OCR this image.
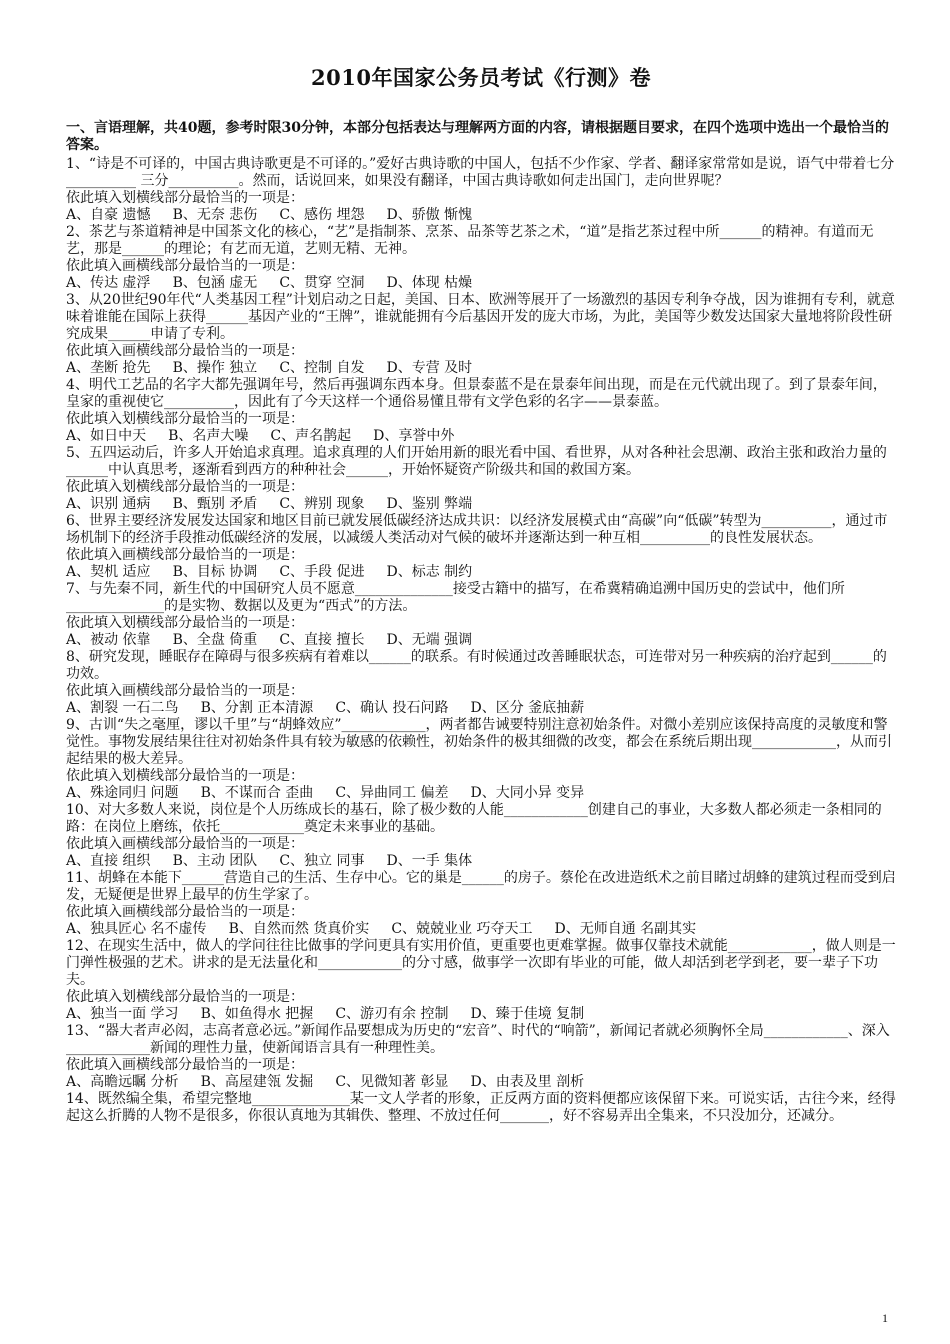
2010年国家公务员考试《行测》卷

一、言语理解，共40题，参考时限30分钟，本部分包括表达与理解两方面的内容，请根据题目要求，在四个选项中选出一个最恰当的答案。

1、“诗是不可译的，中国古典诗歌更是不可译的。”爱好古典诗歌的中国人，包括不少作家、学者、翻译家常常如是说，语气中带着七分__________ 三分__________。然而，话说回来，如果没有翻译，中国古典诗歌如何走出国门，走向世界呢？

依此填入划横线部分最恰当的一项是：

A、自豪 遗憾 B、无奈 悲伤 C、感伤 埋怨 D、骄傲 惭愧

2、茶艺与茶道精神是中国茶文化的核心，“艺”是指制茶、烹茶、品茶等艺茶之术，“道”是指艺茶过程中所______的精神。有道而无艺，那是______的理论；有艺而无道，艺则无精、无神。

依此填入画横线部分最恰当的一项是：

A、传达 虚浮 B、包涵 虚无 C、贯穿 空洞 D、体现 枯燥

3、从20世纪90年代“人类基因工程”计划启动之日起，美国、日本、欧洲等展开了一场激烈的基因专利争夺战，因为谁拥有专利，就意味着谁能在国际上获得______基因产业的“王牌”，谁就能拥有今后基因开发的庞大市场，为此，美国等少数发达国家大量地将阶段性研究成果______申请了专利。

依此填入画横线部分最恰当的一项是：

A、垄断 抢先 B、操作 独立 C、控制 自发 D、专营 及时

4、明代工艺品的名字大都先强调年号，然后再强调东西本身。但景泰蓝不是在景泰年间出现，而是在元代就出现了。到了景泰年间，皇家的重视使它__________，因此有了今天这样一个通俗易懂且带有文学色彩的名字——景泰蓝。

依此填入划横线部分最恰当的一项是：

A、如日中天 B、名声大噪 C、声名鹊起 D、享誉中外

5、五四运动后，许多人开始追求真理。追求真理的人们开始用新的眼光看中国、看世界，从对各种社会思潮、政治主张和政治力量的______中认真思考，逐渐看到西方的种种社会______，开始怀疑资产阶级共和国的救国方案。

依此填入划横线部分最恰当的一项是：

A、识别 通病 B、甄别 矛盾 C、辨别 现象 D、鉴别 弊端

6、世界主要经济发展发达国家和地区目前已就发展低碳经济达成共识：以经济发展模式由“高碳”向“低碳”转型为__________，通过市场机制下的经济手段推动低碳经济的发展，以减缓人类活动对气候的破坏并逐渐达到一种互相__________的良性发展状态。

依此填入画横线部分最恰当的一项是：

A、契机 适应 B、目标 协调 C、手段 促进 D、标志 制约

7、与先秦不同，新生代的中国研究人员不愿意______________接受古籍中的描写，在希冀精确追溯中国历史的尝试中，他们所______________的是实物、数据以及更为“西式”的方法。

依此填入划横线部分最恰当的一项是：

A、被动 依靠 B、全盘 倚重 C、直接 擅长 D、无端 强调

8、研究发现，睡眠存在障碍与很多疾病有着难以______的联系。有时候通过改善睡眠状态，可连带对另一种疾病的治疗起到______的功效。

依此填入画横线部分最恰当的一项是：

A、割裂 一石二鸟 B、分割 正本清源 C、确认 投石问路 D、区分 釜底抽薪

9、古训“失之毫厘，谬以千里”与“胡蜂效应”____________，两者都告诫要特别注意初始条件。对微小差别应该保持高度的灵敏度和警觉性。事物发展结果往往对初始条件具有较为敏感的依赖性，初始条件的极其细微的改变，都会在系统后期出现____________，从而引起结果的极大差异。

依此填入划横线部分最恰当的一项是：

A、殊途同归 问题 B、不谋而合 歪曲 C、异曲同工 偏差 D、大同小异 变异

10、对大多数人来说，岗位是个人历练成长的基石，除了极少数的人能____________创建自己的事业，大多数人都必须走一条相同的路：在岗位上磨练，依托____________奠定未来事业的基础。

依此填入画横线部分最恰当的一项是：

A、直接 组织 B、主动 团队 C、独立 同事 D、一手 集体

11、胡蜂在本能下______营造自己的生活、生存中心。它的巢是______的房子。蔡伦在改进造纸术之前目睹过胡蜂的建筑过程而受到启发，无疑便是世界上最早的仿生学家了。

依此填入画横线部分最恰当的一项是：

A、独具匠心 名不虚传 B、自然而然 货真价实 C、兢兢业业 巧夺天工 D、无师自通 名副其实

12、在现实生活中，做人的学问往往比做事的学问更具有实用价值，更重要也更难掌握。做事仅靠技术就能____________，做人则是一门弹性极强的艺术。讲求的是无法量化和____________的分寸感，做事学一次即有毕业的可能，做人却活到老学到老，要一辈子下功夫。

依此填入划横线部分最恰当的一项是：

A、独当一面 学习 B、如鱼得水 把握 C、游刃有余 控制 D、臻于佳境 复制

13、“器大者声必闳，志高者意必远。”新闻作品要想成为历史的“宏音”、时代的“响箭”，新闻记者就必须胸怀全局____________、深入____________新闻的理性力量，使新闻语言具有一种理性美。

依此填入画横线部分最恰当的一项是：

A、高瞻远瞩 分析 B、高屋建瓴 发掘 C、见微知著 彰显 D、由表及里 剖析

14、既然编全集，希望完整地______________某一文人学者的形象，正反两方面的资料便都应该保留下来。可说实话，古往今来，经得起这么折腾的人物不是很多，你很认真地为其辑佚、整理、不放过任何_______，好不容易弄出全集来，不只没加分，还减分。

1
